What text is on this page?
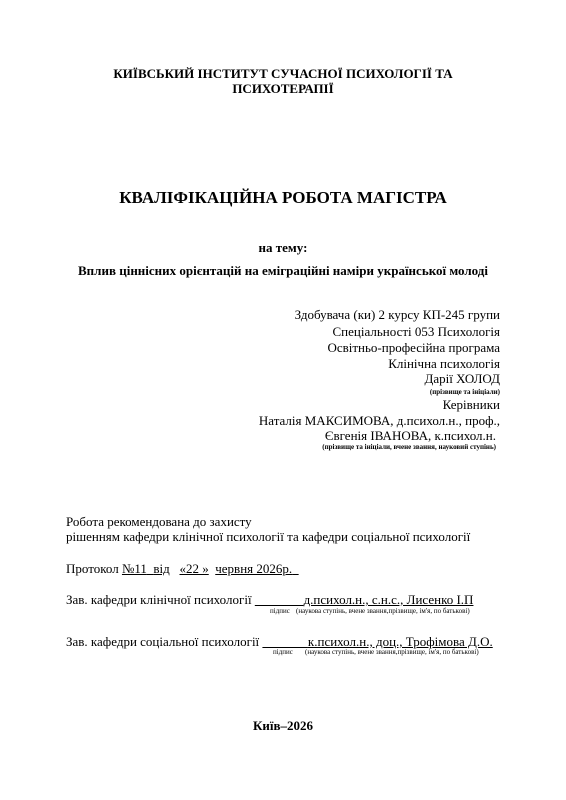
КИЇВСЬКИЙ ІНСТИТУТ СУЧАСНОЇ ПСИХОЛОГІЇ ТА
ПСИХОТЕРАПІЇ
КВАЛІФІКАЦІЙНА РОБОТА МАГІСТРА
на тему:
Вплив ціннісних орієнтацій на еміграційні наміри української молоді
Здобувача (ки) 2 курсу КП-245 групи
Спеціальності 053 Психологія
Освітньо-професійна програма
Клінічна психологія
Дарії ХОЛОД
(прізвище та ініціали)
Керівники
Наталія МАКСИМОВА, д.психол.н., проф.,
Євгенія ІВАНОВА, к.психол.н.
(прізвище та ініціали, вчене звання, науковий ступінь)
Робота рекомендована до захисту
рішенням кафедри клінічної психології та кафедри соціальної психології
Протокол №11 від «22 » червня 2026р.
Зав. кафедри клінічної психології	д.психол.н., с.н.с., Лисенко І.П
підпис (наукова ступінь, вчене звання,прізвище, ім'я, по батькові)
Зав. кафедри соціальної психології	к.психол.н., доц., Трофімова Д.О.
підпис (наукова ступінь, вчене звання,прізвище, ім'я, по батькові)
Київ–2026
